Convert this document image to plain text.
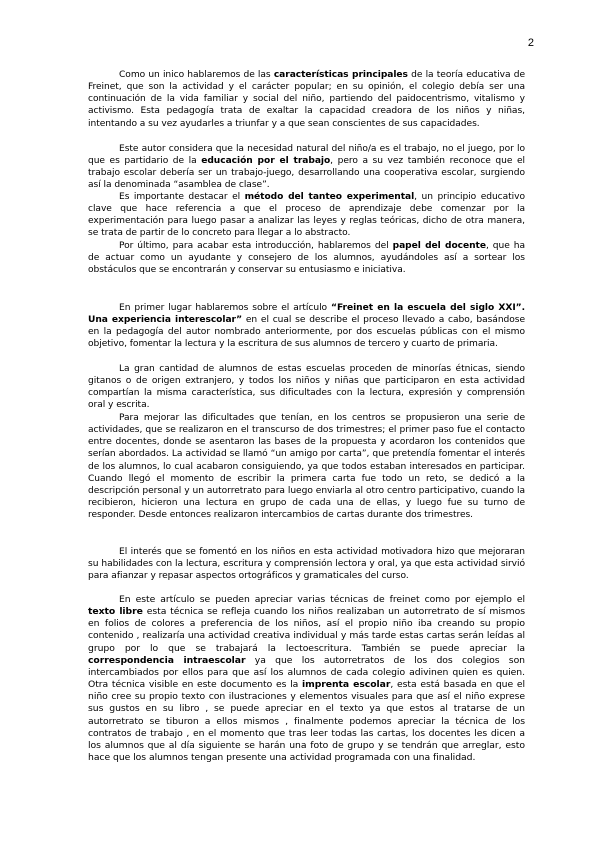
2

Como un inico hablaremos de las características principales de la teoría educativa de Freinet, que son la actividad y el carácter popular; en su opinión, el colegio debía ser una continuación de la vida familiar y social del niño, partiendo del paidocentrismo, vitalismo y activismo. Esta pedagogía trata de exaltar la capacidad creadora de los niños y niñas, intentando a su vez ayudarles a triunfar y a que sean conscientes de sus capacidades.

Este autor considera que la necesidad natural del niño/a es el trabajo, no el juego, por lo que es partidario de la educación por el trabajo, pero a su vez también reconoce que el trabajo escolar debería ser un trabajo-juego, desarrollando una cooperativa escolar, surgiendo así la denominada “asamblea de clase”.

Es importante destacar el método del tanteo experimental, un principio educativo clave que hace referencia a que el proceso de aprendizaje debe comenzar por la experimentación para luego pasar a analizar las leyes y reglas teóricas, dicho de otra manera, se trata de partir de lo concreto para llegar a lo abstracto.

Por último, para acabar esta introducción, hablaremos del papel del docente, que ha de actuar como un ayudante y consejero de los alumnos, ayudándoles así a sortear los obstáculos que se encontrarán y conservar su entusiasmo e iniciativa.

En primer lugar hablaremos sobre el artículo “Freinet en la escuela del siglo XXI”. Una experiencia interescolar” en el cual se describe el proceso llevado a cabo, basándose en la pedagogía del autor nombrado anteriormente, por dos escuelas públicas con el mismo objetivo, fomentar la lectura y la escritura de sus alumnos de tercero y cuarto de primaria.

La gran cantidad de alumnos de estas escuelas proceden de minorías étnicas, siendo gitanos o de origen extranjero, y todos los niños y niñas que participaron en esta actividad compartían la misma característica, sus dificultades con la lectura, expresión y comprensión oral y escrita.

Para mejorar las dificultades que tenían, en los centros se propusieron una serie de actividades, que se realizaron en el transcurso de dos trimestres; el primer paso fue el contacto entre docentes, donde se asentaron las bases de la propuesta y acordaron los contenidos que serían abordados. La actividad se llamó “un amigo por carta”, que pretendía fomentar el interés de los alumnos, lo cual acabaron consiguiendo, ya que todos estaban interesados en participar. Cuando llegó el momento de escribir la primera carta fue todo un reto, se dedicó a la descripción personal y un autorretrato para luego enviarla al otro centro participativo, cuando la recibieron, hicieron una lectura en grupo de cada una de ellas, y luego fue su turno de responder. Desde entonces realizaron intercambios de cartas durante dos trimestres.

El interés que se fomentó en los niños en esta actividad motivadora hizo que mejoraran su habilidades con la lectura, escritura y comprensión lectora y oral, ya que esta actividad sirvió para afianzar y repasar aspectos ortográficos y gramaticales del curso.

En este artículo se pueden apreciar varias técnicas de freinet como por ejemplo el texto libre esta técnica se refleja cuando los niños realizaban un autorretrato de sí mismos en folios de colores a preferencia de los niños, así el propio niño iba creando su propio contenido , realizaría una actividad creativa individual y más tarde estas cartas serán leídas al grupo por lo que se trabajará la lectoescritura. También se puede apreciar la correspondencia intraescolar ya que los autorretratos de los dos colegios son intercambiados por ellos para que así los alumnos de cada colegio adivinen quien es quien. Otra técnica visible en este documento es la imprenta escolar, esta está basada en que el niño cree su propio texto con ilustraciones y elementos visuales para que así el niño exprese sus gustos en su libro , se puede apreciar en el texto ya que estos al tratarse de un autorretrato se tiburon a ellos mismos , finalmente podemos apreciar la técnica de los contratos de trabajo , en el momento que tras leer todas las cartas, los docentes les dicen a los alumnos que al día siguiente se harán una foto de grupo y se tendrán que arreglar, esto hace que los alumnos tengan presente una actividad programada con una finalidad.
